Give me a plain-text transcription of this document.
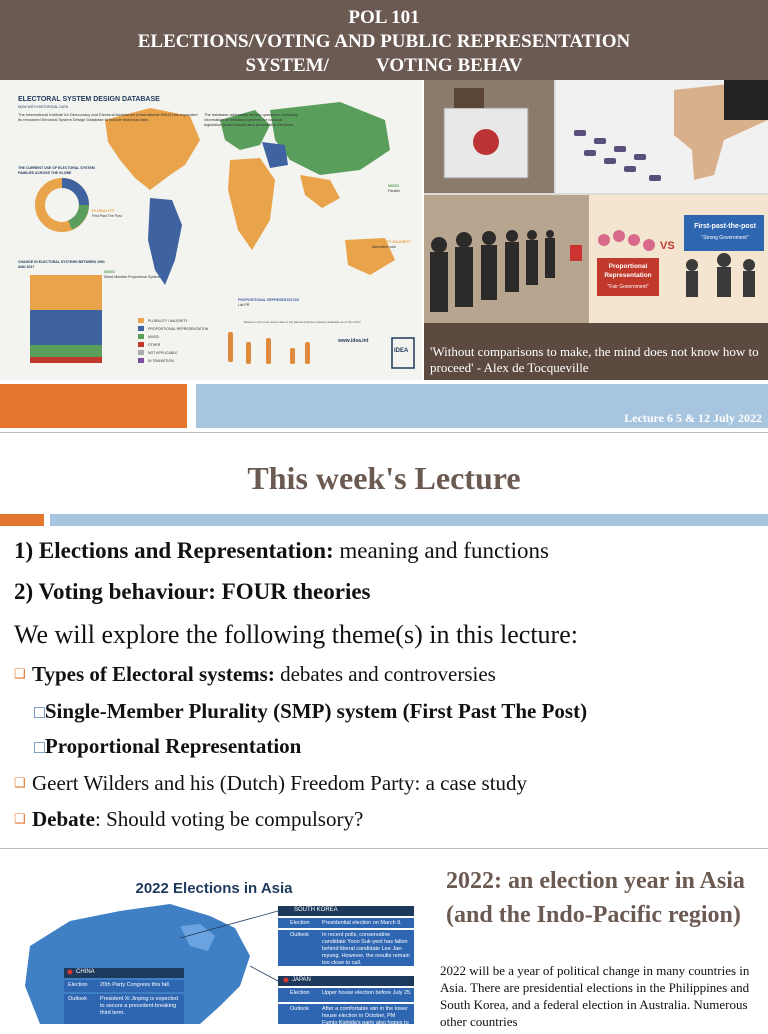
POL 101
ELECTIONS/VOTING AND PUBLIC REPRESENTATION
SYSTEM/          VOTING BEHAV
ELECTORAL SYSTEM DESIGN DATABASE
NOW WITH HISTORICAL DATA
The International Institute for Democracy and Electoral Assistance (International IDEA) has expanded its renowned Electoral System Design Database to include historical data.
The database addresses six key questions, including information on electoral systems for national legislative (lower house) and presidential elections.
THE CURRENT USE OF ELECTORAL SYSTEM FAMILIES ACROSS THE GLOBE
PLURALITY
First Past The Post
CHANGE IN ELECTORAL SYSTEMS BETWEEN 1991 AND 2017
MIXED
Mixed Member Proportional System
MIXED
Parallel
PLURALITY MAJORITY
Alternative vote
PROPORTIONAL REPRESENTATION
List PR
PLURALITY / MAJORITY
PROPORTIONAL REPRESENTATION
MIXED
OTHER
NOT APPLICABLE
IN TRANSITION
Based on the most recent data in the Electoral System Design database as of Nov 2017
www.idea.int
IDEA
VS
First-past-the-post
"Strong Government"
Proportional Representation
"Fair Government"
'Without comparisons to make, the mind does not know how to proceed' - Alex de Tocqueville
Lecture 6 5 & 12 July 2022
This week's Lecture
1) Elections and Representation: meaning and functions
2) Voting behaviour: FOUR theories
We will explore the following theme(s) in this lecture:
❑ Types of Electoral systems: debates and controversies
□Single-Member Plurality (SMP) system (First Past The Post)
□Proportional Representation
❑ Geert Wilders and his (Dutch) Freedom Party: a case study
❑ Debate: Should voting be compulsory?
2022 Elections in Asia
SOUTH KOREA
Election Presidential election on March 9.
Outlook In recent polls, conservative candidate Yoon Suk-yeol has fallen behind liberal candidate Lee Jae-myung. However, the results remain too close to call.
CHINA
Election 20th Party Congress this fall.
Outlook President Xi Jinping is expected to secure a precedent-breaking third term.
JAPAN
Election Upper house election before July 25.
Outlook After a comfortable win in the lower house election in October, PM Fumio Kishida's party also hopes to dominate the upper house election.
2022: an election year in Asia (and the Indo-Pacific region)
2022 will be a year of political change in many countries in Asia. There are presidential elections in the Philippines and South Korea, and a federal election in Australia. Numerous other countries
